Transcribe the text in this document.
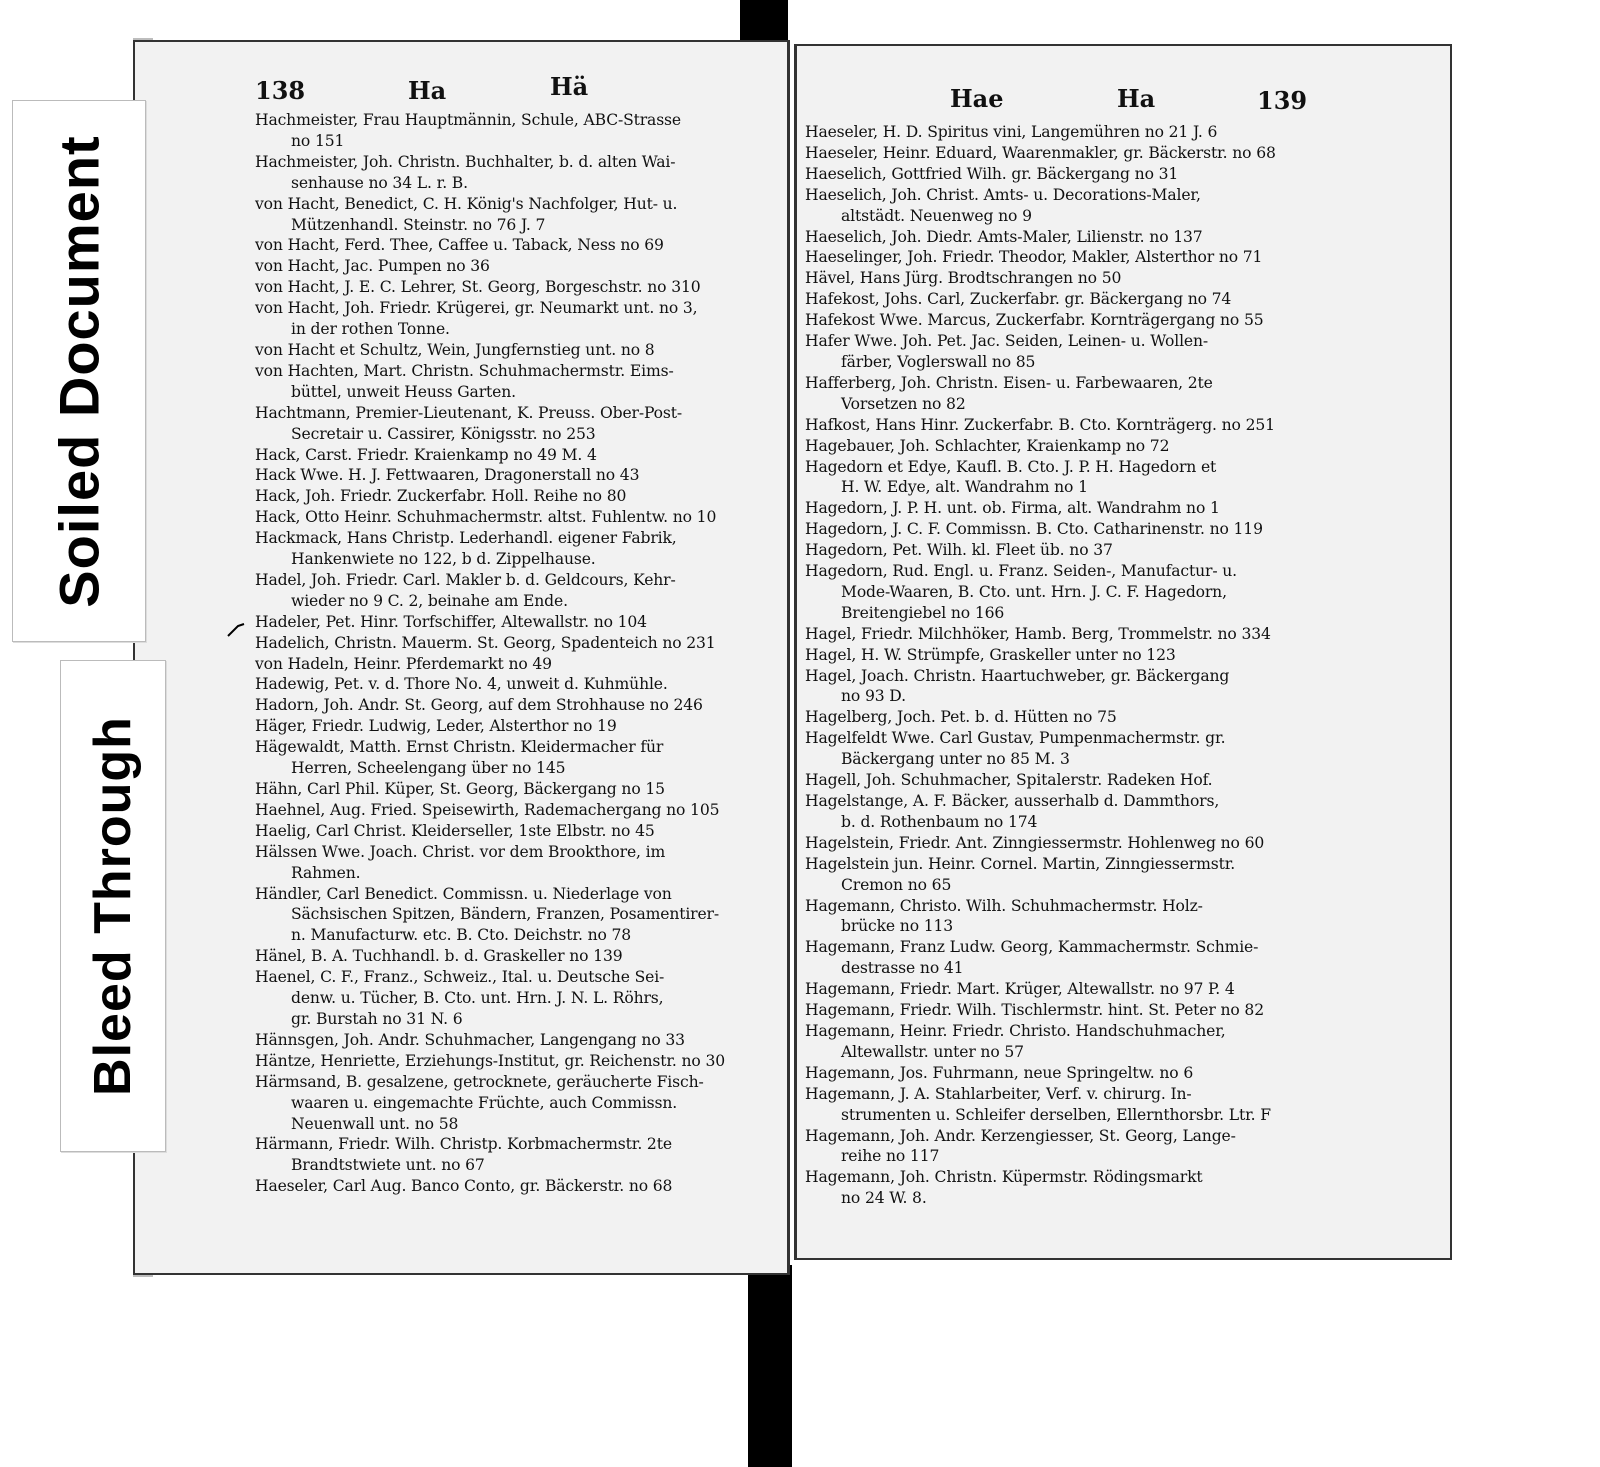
138	Ha	Hä

Hachmeister, Frau Hauptmännin, Schule, ABC-Strasse
no 151

Hachmeister, Joh. Christn. Buchhalter, b. d. alten Wai-
senhause no 34 L. r. B.

von Hacht, Benedict, C. H. König's Nachfolger, Hut- u.
Mützenhandl. Steinstr. no 76 J. 7

von Hacht, Ferd. Thee, Caffee u. Taback, Ness no 69

von Hacht, Jac. Pumpen no 36

von Hacht, J. E. C. Lehrer, St. Georg, Borgeschstr. no 310

von Hacht, Joh. Friedr. Krügerei, gr. Neumarkt unt. no 3,
in der rothen Tonne.

von Hacht et Schultz, Wein, Jungfernstieg unt. no 8

von Hachten, Mart. Christn. Schuhmachermstr. Eims-
büttel, unweit Heuss Garten.

Hachtmann, Premier-Lieutenant, K. Preuss. Ober-Post-
Secretair u. Cassirer, Königsstr. no 253

Hack, Carst. Friedr. Kraienkamp no 49 M. 4

Hack Wwe. H. J. Fettwaaren, Dragonerstall no 43

Hack, Joh. Friedr. Zuckerfabr. Holl. Reihe no 80

Hack, Otto Heinr. Schuhmachermstr. altst. Fuhlentw. no 10

Hackmack, Hans Christp. Lederhandl. eigener Fabrik,
Hankenwiete no 122, b d. Zippelhause.

Hadel, Joh. Friedr. Carl. Makler b. d. Geldcours, Kehr-
wieder no 9 C. 2, beinahe am Ende.

Hadeler, Pet. Hinr. Torfschiffer, Altewallstr. no 104

Hadelich, Christn. Mauerm. St. Georg, Spadenteich no 231

von Hadeln, Heinr. Pferdemarkt no 49

Hadewig, Pet. v. d. Thore No. 4, unweit d. Kuhmühle.

Hadorn, Joh. Andr. St. Georg, auf dem Strohhause no 246

Häger, Friedr. Ludwig, Leder, Alsterthor no 19

Hägewaldt, Matth. Ernst Christn. Kleidermacher für
Herren, Scheelengang über no 145

Hähn, Carl Phil. Küper, St. Georg, Bäckergang no 15

Haehnel, Aug. Fried. Speisewirth, Rademachergang no 105

Haelig, Carl Christ. Kleiderseller, 1ste Elbstr. no 45

Hälssen Wwe. Joach. Christ. vor dem Brookthore, im
Rahmen.

Händler, Carl Benedict. Commissn. u. Niederlage von
Sächsischen Spitzen, Bändern, Franzen, Posamentirer-
n. Manufacturw. etc. B. Cto. Deichstr. no 78

Hänel, B. A. Tuchhandl. b. d. Graskeller no 139

Haenel, C. F., Franz., Schweiz., Ital. u. Deutsche Sei-
denw. u. Tücher, B. Cto. unt. Hrn. J. N. L. Röhrs,
gr. Burstah no 31 N. 6

Hännsgen, Joh. Andr. Schuhmacher, Langengang no 33

Häntze, Henriette, Erziehungs-Institut, gr. Reichenstr. no 30

Härmsand, B. gesalzene, getrocknete, geräucherte Fisch-
waaren u. eingemachte Früchte, auch Commissn.
Neuenwall unt. no 58

Härmann, Friedr. Wilh. Christp. Korbmachermstr. 2te
Brandtstwiete unt. no 67

Haeseler, Carl Aug. Banco Conto, gr. Bäckerstr. no 68

Hae	Ha	139

Haeseler, H. D. Spiritus vini, Langemühren no 21 J. 6

Haeseler, Heinr. Eduard, Waarenmakler, gr. Bäckerstr. no 68

Haeselich, Gottfried Wilh. gr. Bäckergang no 31

Haeselich, Joh. Christ. Amts- u. Decorations-Maler,
altstädt. Neuenweg no 9

Haeselich, Joh. Diedr. Amts-Maler, Lilienstr. no 137

Haeselinger, Joh. Friedr. Theodor, Makler, Alsterthor no 71

Hävel, Hans Jürg. Brodtschrangen no 50

Hafekost, Johs. Carl, Zuckerfabr. gr. Bäckergang no 74

Hafekost Wwe. Marcus, Zuckerfabr. Kornträgergang no 55

Hafer Wwe. Joh. Pet. Jac. Seiden, Leinen- u. Wollen-
färber, Voglerswall no 85

Hafferberg, Joh. Christn. Eisen- u. Farbewaaren, 2te
Vorsetzen no 82

Hafkost, Hans Hinr. Zuckerfabr. B. Cto. Kornträgerg. no 251

Hagebauer, Joh. Schlachter, Kraienkamp no 72

Hagedorn et Edye, Kaufl. B. Cto. J. P. H. Hagedorn et
H. W. Edye, alt. Wandrahm no 1

Hagedorn, J. P. H. unt. ob. Firma, alt. Wandrahm no 1

Hagedorn, J. C. F. Commissn. B. Cto. Catharinenstr. no 119

Hagedorn, Pet. Wilh. kl. Fleet üb. no 37

Hagedorn, Rud. Engl. u. Franz. Seiden-, Manufactur- u.
Mode-Waaren, B. Cto. unt. Hrn. J. C. F. Hagedorn,
Breitengiebel no 166

Hagel, Friedr. Milchhöker, Hamb. Berg, Trommelstr. no 334

Hagel, H. W. Strümpfe, Graskeller unter no 123

Hagel, Joach. Christn. Haartuchweber, gr. Bäckergang
no 93 D.

Hagelberg, Joch. Pet. b. d. Hütten no 75

Hagelfeldt Wwe. Carl Gustav, Pumpenmachermstr. gr.
Bäckergang unter no 85 M. 3

Hagell, Joh. Schuhmacher, Spitalerstr. Radeken Hof.

Hagelstange, A. F. Bäcker, ausserhalb d. Dammthors,
b. d. Rothenbaum no 174

Hagelstein, Friedr. Ant. Zinngiessermstr. Hohlenweg no 60

Hagelstein jun. Heinr. Cornel. Martin, Zinngiessermstr.
Cremon no 65

Hagemann, Christo. Wilh. Schuhmachermstr. Holz-
brücke no 113

Hagemann, Franz Ludw. Georg, Kammachermstr. Schmie-
destrasse no 41

Hagemann, Friedr. Mart. Krüger, Altewallstr. no 97 P. 4

Hagemann, Friedr. Wilh. Tischlermstr. hint. St. Peter no 82

Hagemann, Heinr. Friedr. Christo. Handschuhmacher,
Altewallstr. unter no 57

Hagemann, Jos. Fuhrmann, neue Springeltw. no 6

Hagemann, J. A. Stahlarbeiter, Verf. v. chirurg. In-
strumenten u. Schleifer derselben, Ellernthorsbr. Ltr. F

Hagemann, Joh. Andr. Kerzengiesser, St. Georg, Lange-
reihe no 117

Hagemann, Joh. Christn. Küpermstr. Rödingsmarkt
no 24 W. 8.

Soiled Document
Bleed Through
